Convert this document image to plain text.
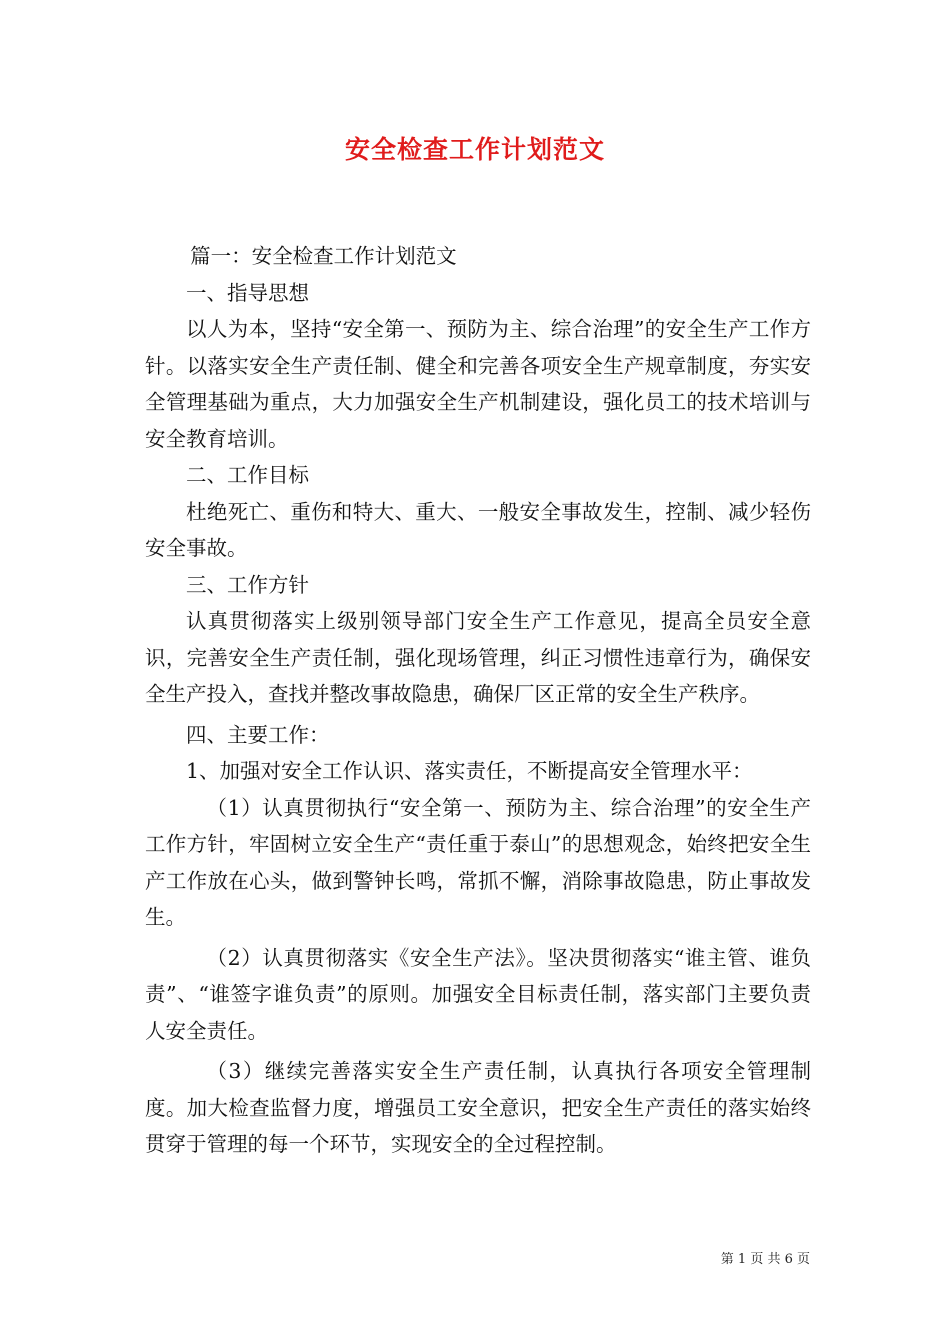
安全检查工作计划范文

篇一：安全检查工作计划范文

一、指导思想

以人为本，坚持“安全第一、预防为主、综合治理”的安全生产工作方针。以落实安全生产责任制、健全和完善各项安全生产规章制度，夯实安全管理基础为重点，大力加强安全生产机制建设，强化员工的技术培训与安全教育培训。

二、工作目标

杜绝死亡、重伤和特大、重大、一般安全事故发生，控制、减少轻伤安全事故。

三、工作方针

认真贯彻落实上级别领导部门安全生产工作意见，提高全员安全意识，完善安全生产责任制，强化现场管理，纠正习惯性违章行为，确保安全生产投入，查找并整改事故隐患，确保厂区正常的安全生产秩序。

四、主要工作：

1、加强对安全工作认识、落实责任，不断提高安全管理水平：

（1）认真贯彻执行“安全第一、预防为主、综合治理”的安全生产工作方针，牢固树立安全生产“责任重于泰山”的思想观念，始终把安全生产工作放在心头，做到警钟长鸣，常抓不懈，消除事故隐患，防止事故发生。

（2）认真贯彻落实《安全生产法》。坚决贯彻落实“谁主管、谁负责”、“谁签字谁负责”的原则。加强安全目标责任制，落实部门主要负责人安全责任。

（3）继续完善落实安全生产责任制，认真执行各项安全管理制度。加大检查监督力度，增强员工安全意识，把安全生产责任的落实始终贯穿于管理的每一个环节，实现安全的全过程控制。

第 1 页 共 6 页
